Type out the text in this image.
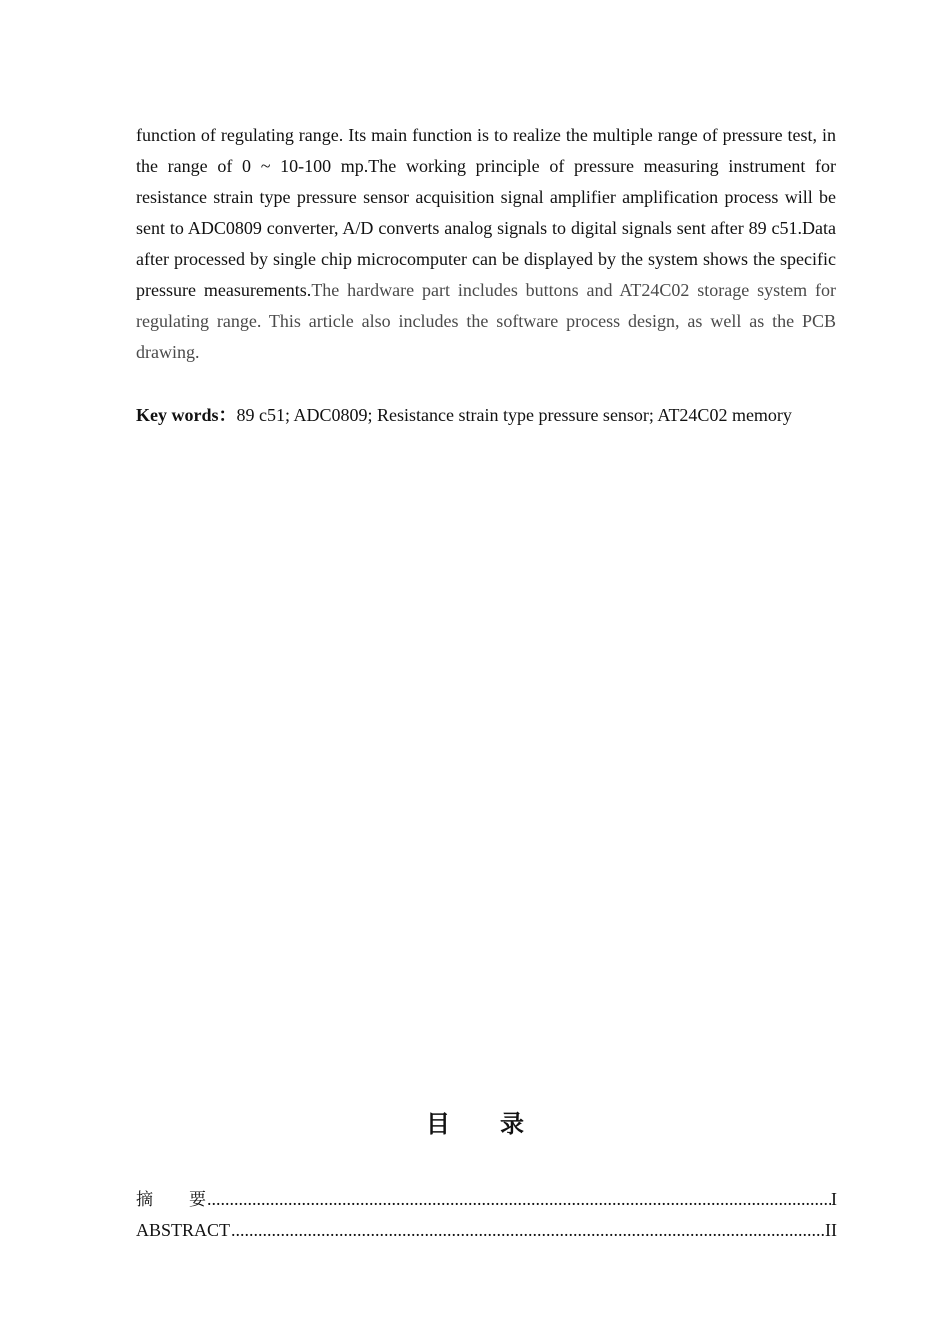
function of regulating range. Its main function is to realize the multiple range of pressure test, in the range of 0 ~ 10-100 mp.The working principle of pressure measuring instrument for resistance strain type pressure sensor acquisition signal amplifier amplification process will be sent to ADC0809 converter, A/D converts analog signals to digital signals sent after 89 c51.Data after processed by single chip microcomputer can be displayed by the system shows the specific pressure measurements.The hardware part includes buttons and AT24C02 storage system for regulating range. This article also includes the software process design, as well as the PCB drawing.

Key words：89 c51; ADC0809; Resistance strain type pressure sensor; AT24C02 memory

目 录
摘 要 .....	I
ABSTRACT .....	II
